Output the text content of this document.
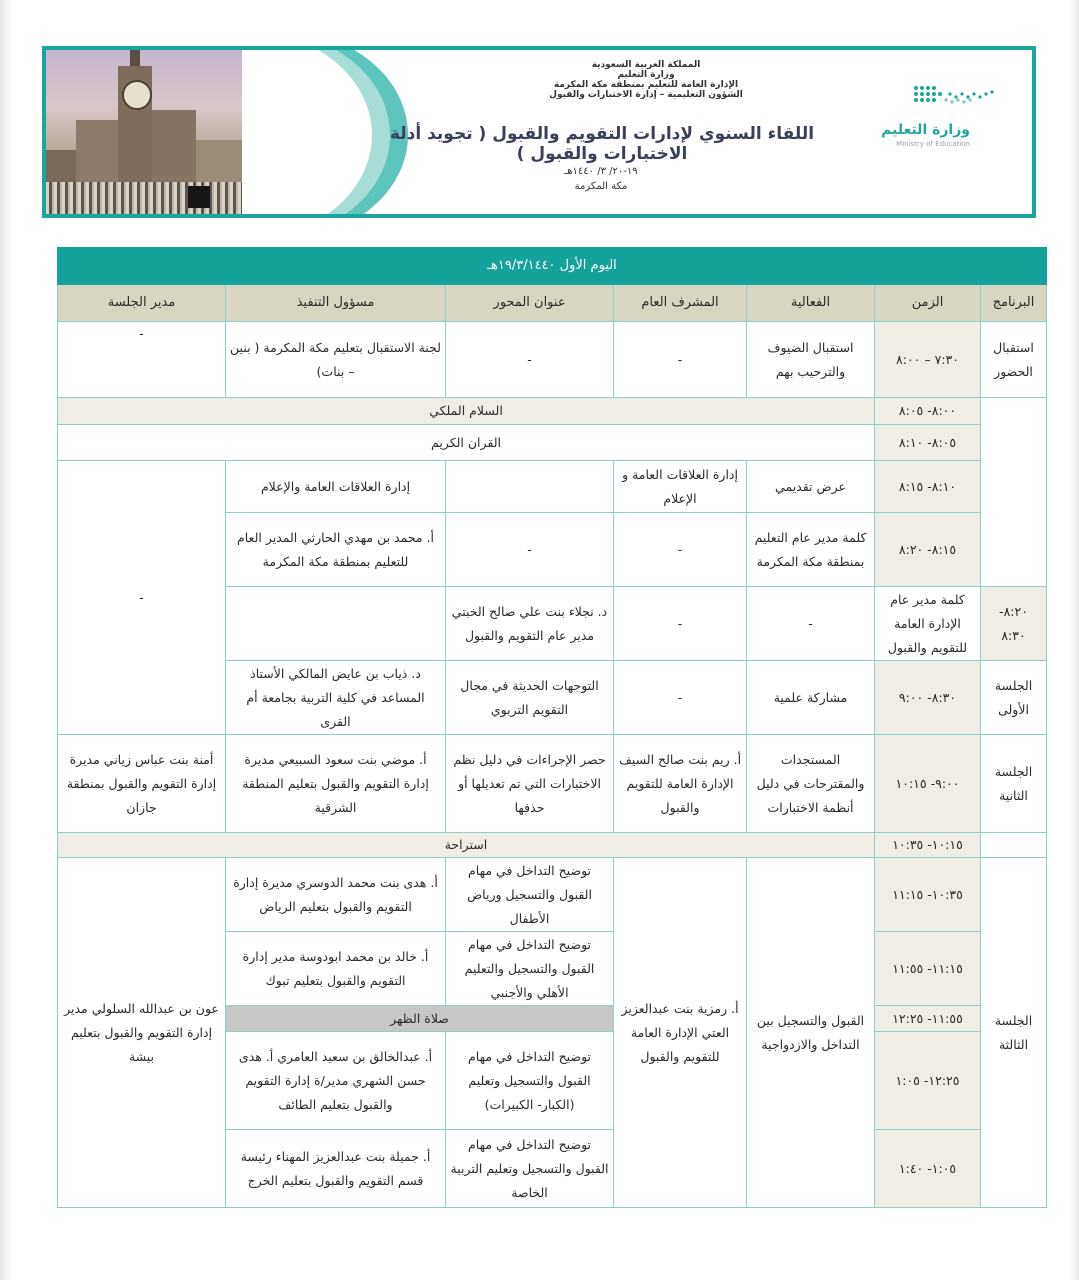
المملكة العربية السعودية
وزارة التعليم
الإدارة العامة للتعليم بمنطقة مكة المكرمة
الشؤون التعليمية – إدارة الاختبارات والقبول
اللقاء السنوي لإدارات التقويم والقبول ( تجويد أدلة الاختبارات والقبول )
١٩-٢٠/ ٣/ ١٤٤٠هـ
مكة المكرمة
وزارة التعليم
Ministry of Education
اليوم الأول ١٩/٣/١٤٤٠هـ						
البرنامج	الزمن	الفعالية	المشرف العام	عنوان المحور	مسؤول التنفيذ	مدير الجلسة
استقبال الحضور	٧:٣٠ – ٨:٠٠	استقبال الضيوف والترحيب بهم	-	-	لجنة الاستقبال بتعليم مكة المكرمة ( بنين – بنات)	-
	٨:٠٠- ٨:٠٥	السلام الملكي				
	٨:٠٥- ٨:١٠	القران الكريم				
	٨:١٠- ٨:١٥	عرض تقديمي	إدارة العلاقات العامة و الإعلام		إدارة العلاقات العامة والإعلام	-
	٨:١٥- ٨:٢٠	كلمة مدير عام التعليم بمنطقة مكة المكرمة	-	-	أ. محمد بن مهدي الحارثي المدير العام للتعليم بمنطقة مكة المكرمة	
٨:٢٠- ٨:٣٠	كلمة مدير عام الإدارة العامة للتقويم والقبول	-	-	د. نجلاء بنت علي صالح الخبتي مدير عام التقويم والقبول		
الجلسة الأولى	٨:٣٠- ٩:٠٠	مشاركة علمية	-	التوجهات الحديثة في مجال التقويم التربوي	د. ذياب بن عايض المالكي الأستاذ المساعد في كلية التربية بجامعة أم القرى	
الجلسة الثانية	٩:٠٠- ١٠:١٥	المستجدات والمقترحات في دليل أنظمة الاختبارات	أ. ريم بنت صالح السيف الإدارة العامة للتقويم والقبول	حصر الإجراءات في دليل نظم الاختبارات التي تم تعديلها أو حذفها	أ. موضي بنت سعود السبيعي مديرة إدارة التقويم والقبول بتعليم المنطقة الشرقية	أمنة بنت عباس زياني مديرة إدارة التقويم والقبول بمنطقة جازان
	١٠:١٥- ١٠:٣٥	استراحة				
الجلسة الثالثة	١٠:٣٥- ١١:١٥	القبول والتسجيل بين التداخل والازدواجية	أ. رمزية بنت عبدالعزيز العتي الإدارة العامة للتقويم والقبول	توضيح التداخل في مهام القبول والتسجيل ورياض الأطفال	أ. هدى بنت محمد الدوسري مديرة إدارة التقويم والقبول بتعليم الرياض	عون بن عبدالله السلولي مدير إدارة التقويم والقبول بتعليم بيشة
	١١:١٥- ١١:٥٥			توضيح التداخل في مهام القبول والتسجيل والتعليم الأهلي والأجنبي	أ. خالد بن محمد ابودوسة مدير إدارة التقويم والقبول بتعليم تبوك	
	١١:٥٥- ١٢:٢٥			صلاة الظهر		
	١٢:٢٥- ١:٠٥			توضيح التداخل في مهام القبول والتسجيل وتعليم (الكبار- الكبيرات)	أ. عبدالخالق بن سعيد العامري أ. هدى حسن الشهري مدير/ة إدارة التقويم والقبول بتعليم الطائف	
	١:٠٥- ١:٤٠			توضيح التداخل في مهام القبول والتسجيل وتعليم التربية الخاصة	أ. جميلة بنت عبدالعزيز المهناء رئيسة قسم التقويم والقبول بتعليم الخرج	
